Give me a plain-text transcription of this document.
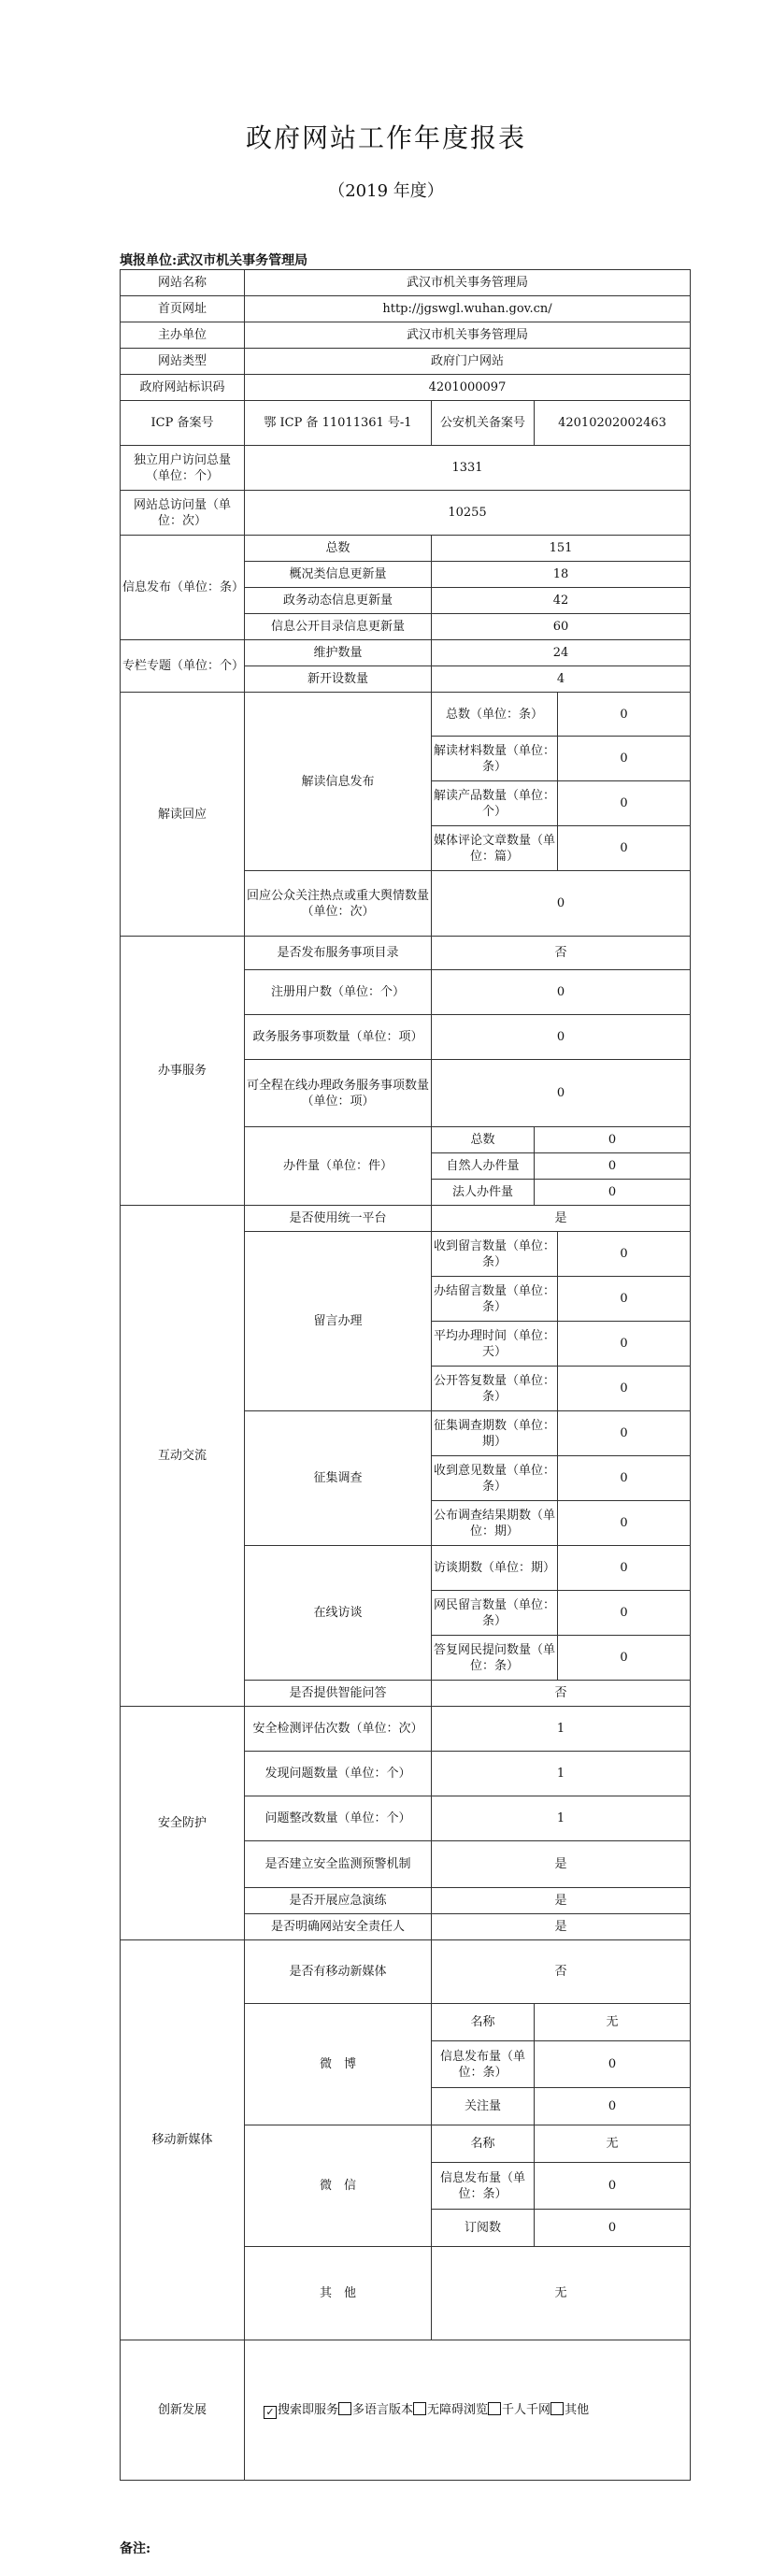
政府网站工作年度报表
（2019 年度）
填报单位:武汉市机关事务管理局
网站名称	武汉市机关事务管理局			
首页网址	http://jgswgl.wuhan.gov.cn/			
主办单位	武汉市机关事务管理局			
网站类型	政府门户网站			
政府网站标识码	4201000097			
ICP 备案号	鄂 ICP 备 11011361 号-1	公安机关备案号	42010202002463	
独立用户访问总量（单位：个）	1331			
网站总访问量（单位：次）	10255			
信息发布（单位：条）	总数	151		
	概况类信息更新量	18		
	政务动态信息更新量	42		
	信息公开目录信息更新量	60		
专栏专题（单位：个）	维护数量	24		
	新开设数量	4		
解读回应	解读信息发布	总数（单位：条）		0
		解读材料数量（单位：条）		0
		解读产品数量（单位：个）		0
		媒体评论文章数量（单位：篇）		0
	回应公众关注热点或重大舆情数量（单位：次）	0		
办事服务	是否发布服务事项目录	否		
	注册用户数（单位：个）	0		
	政务服务事项数量（单位：项）	0		
	可全程在线办理政务服务事项数量（单位：项）	0		
	办件量（单位：件）	总数	0	
		自然人办件量	0	
		法人办件量	0	
互动交流	是否使用统一平台	是		
	留言办理	收到留言数量（单位：条）		0
		办结留言数量（单位：条）		0
		平均办理时间（单位：天）		0
		公开答复数量（单位：条）		0
	征集调查	征集调查期数（单位：期）		0
		收到意见数量（单位：条）		0
		公布调查结果期数（单位：期）		0
	在线访谈	访谈期数（单位：期）		0
		网民留言数量（单位：条）		0
		答复网民提问数量（单位：条）		0
	是否提供智能问答	否		
安全防护	安全检测评估次数（单位：次）	1		
	发现问题数量（单位：个）	1		
	问题整改数量（单位：个）	1		
	是否建立安全监测预警机制	是		
	是否开展应急演练	是		
	是否明确网站安全责任人	是		
移动新媒体	是否有移动新媒体	否		
	微　博	名称	无	
		信息发布量（单位：条）	0	
		关注量	0	
	微　信	名称	无	
		信息发布量（单位：条）	0	
		订阅数	0	
	其　他	无		
创新发展	✓ 搜索即服务 多语言版本 无障碍浏览 千人千网 其他			
备注:
